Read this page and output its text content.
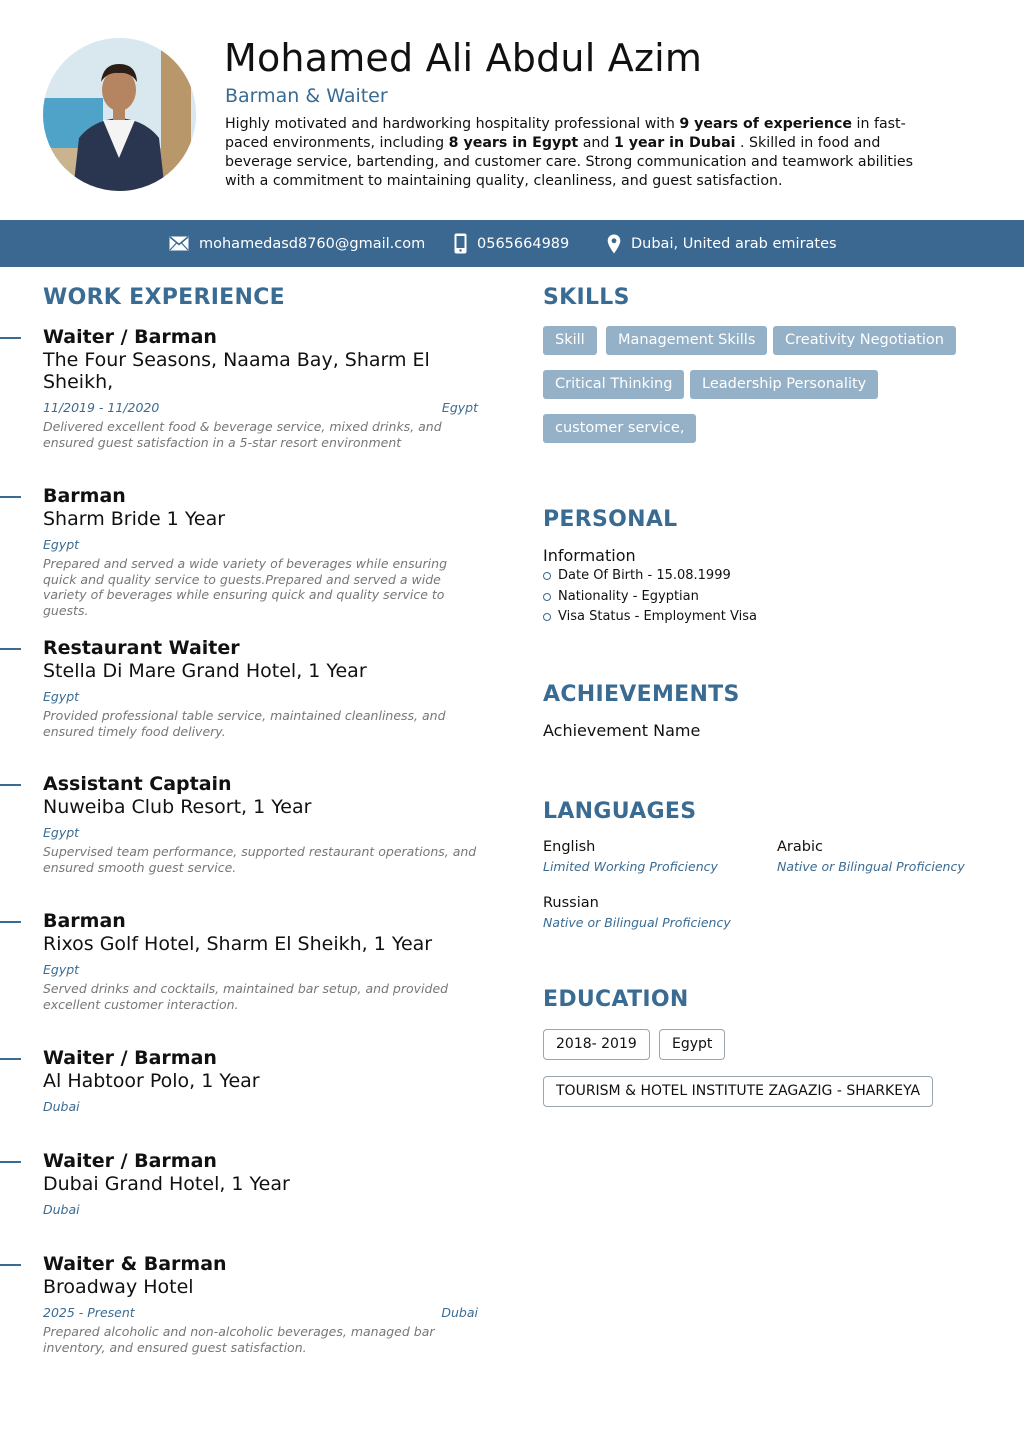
Mohamed Ali Abdul Azim
Barman & Waiter
Highly motivated and hardworking hospitality professional with 9 years of experience in fast-paced environments, including 8 years in Egypt and 1 year in Dubai . Skilled in food and beverage service, bartending, and customer care. Strong communication and teamwork abilities with a commitment to maintaining quality, cleanliness, and guest satisfaction.
mohamedasd8760@gmail.com	0565664989	Dubai, United arab emirates
WORK EXPERIENCE
Waiter / Barman
The Four Seasons, Naama Bay, Sharm El Sheikh,
11/2019 - 11/2020	Egypt
Delivered excellent food & beverage service, mixed drinks, and ensured guest satisfaction in a 5-star resort environment
Barman
Sharm Bride 1 Year
Egypt
Prepared and served a wide variety of beverages while ensuring quick and quality service to guests.Prepared and served a wide variety of beverages while ensuring quick and quality service to guests.
Restaurant Waiter
Stella Di Mare Grand Hotel, 1 Year
Egypt
Provided professional table service, maintained cleanliness, and ensured timely food delivery.
Assistant Captain
Nuweiba Club Resort, 1 Year
Egypt
Supervised team performance, supported restaurant operations, and ensured smooth guest service.
Barman
Rixos Golf Hotel, Sharm El Sheikh, 1 Year
Egypt
Served drinks and cocktails, maintained bar setup, and provided excellent customer interaction.
Waiter / Barman
Al Habtoor Polo, 1 Year
Dubai
Waiter / Barman
Dubai Grand Hotel, 1 Year
Dubai
Waiter & Barman
Broadway Hotel
2025 - Present	Dubai
Prepared alcoholic and non-alcoholic beverages, managed bar inventory, and ensured guest satisfaction.
SKILLS
Skill	Management Skills	Creativity Negotiation
Critical Thinking	Leadership Personality
customer service,
PERSONAL
Information
Date Of Birth - 15.08.1999
Nationality - Egyptian
Visa Status - Employment Visa
ACHIEVEMENTS
Achievement Name
LANGUAGES
English
Limited Working Proficiency
Arabic
Native or Bilingual Proficiency
Russian
Native or Bilingual Proficiency
EDUCATION
2018- 2019	Egypt
TOURISM & HOTEL INSTITUTE ZAGAZIG - SHARKEYA
